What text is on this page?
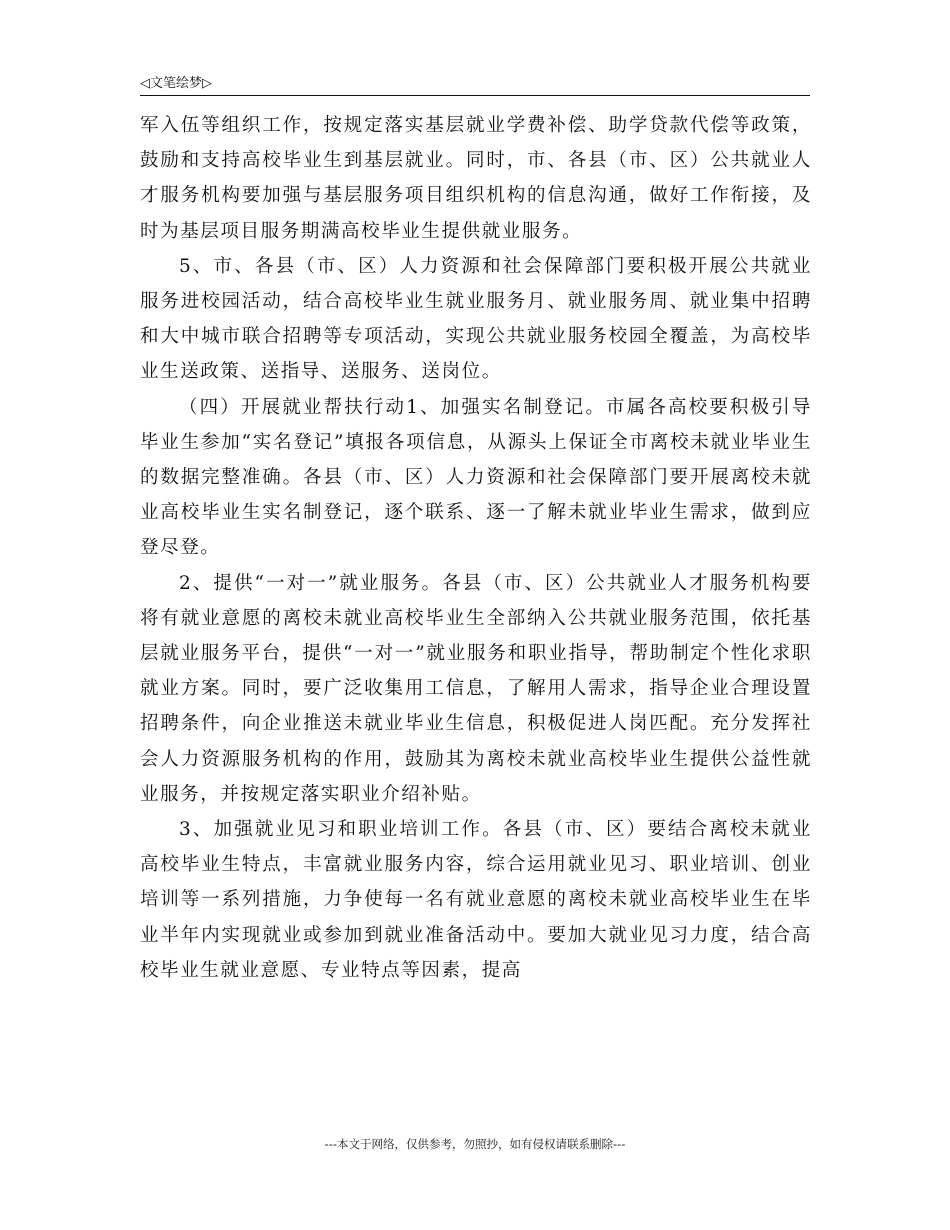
◁文笔绘梦▷

军入伍等组织工作，按规定落实基层就业学费补偿、助学贷款代偿等政策，鼓励和支持高校毕业生到基层就业。同时，市、各县（市、区）公共就业人才服务机构要加强与基层服务项目组织机构的信息沟通，做好工作衔接，及时为基层项目服务期满高校毕业生提供就业服务。

5、市、各县（市、区）人力资源和社会保障部门要积极开展公共就业服务进校园活动，结合高校毕业生就业服务月、就业服务周、就业集中招聘和大中城市联合招聘等专项活动，实现公共就业服务校园全覆盖，为高校毕业生送政策、送指导、送服务、送岗位。

（四）开展就业帮扶行动1、加强实名制登记。市属各高校要积极引导毕业生参加“实名登记”填报各项信息，从源头上保证全市离校未就业毕业生的数据完整准确。各县（市、区）人力资源和社会保障部门要开展离校未就业高校毕业生实名制登记，逐个联系、逐一了解未就业毕业生需求，做到应登尽登。

2、提供“一对一”就业服务。各县（市、区）公共就业人才服务机构要将有就业意愿的离校未就业高校毕业生全部纳入公共就业服务范围，依托基层就业服务平台，提供“一对一”就业服务和职业指导，帮助制定个性化求职就业方案。同时，要广泛收集用工信息，了解用人需求，指导企业合理设置招聘条件，向企业推送未就业毕业生信息，积极促进人岗匹配。充分发挥社会人力资源服务机构的作用，鼓励其为离校未就业高校毕业生提供公益性就业服务，并按规定落实职业介绍补贴。

3、加强就业见习和职业培训工作。各县（市、区）要结合离校未就业高校毕业生特点，丰富就业服务内容，综合运用就业见习、职业培训、创业培训等一系列措施，力争使每一名有就业意愿的离校未就业高校毕业生在毕业半年内实现就业或参加到就业准备活动中。要加大就业见习力度，结合高校毕业生就业意愿、专业特点等因素，提高

---本文于网络，仅供参考，勿照抄，如有侵权请联系删除---
